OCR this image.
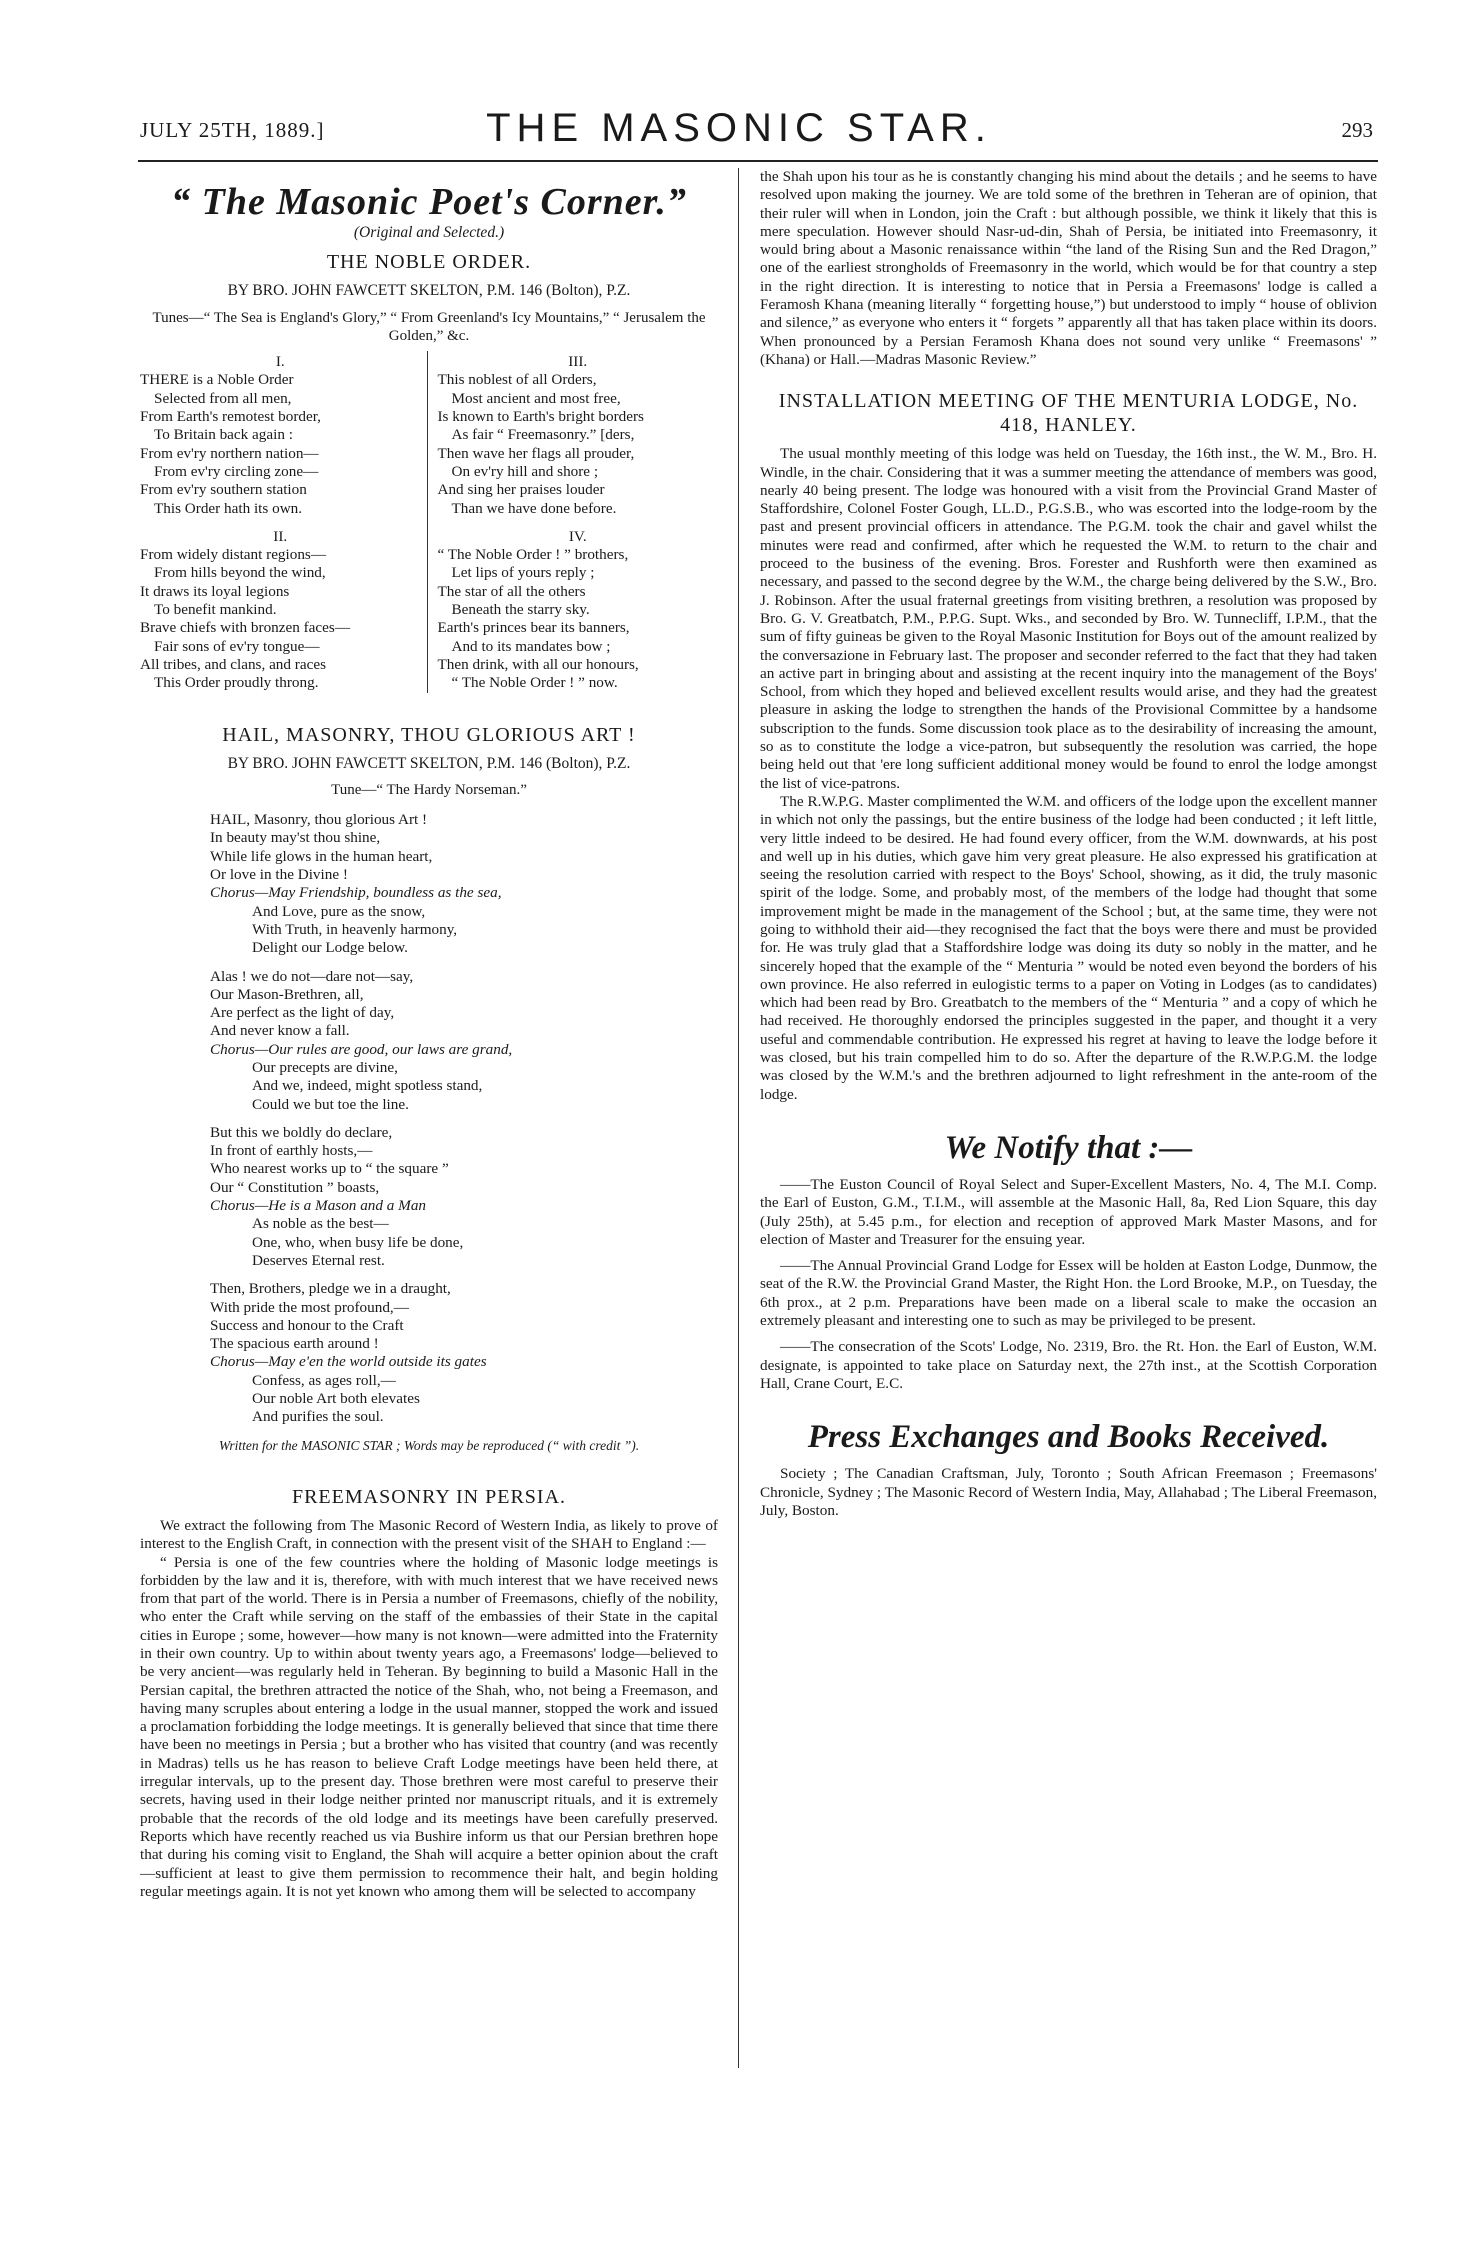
JULY 25TH, 1889.]	THE MASONIC STAR.	293

“ The Masonic Poet's Corner.”

(Original and Selected.)

THE NOBLE ORDER.

BY BRO. JOHN FAWCETT SKELTON, P.M. 146 (Bolton), P.Z.

Tunes—“ The Sea is England's Glory,” “ From Greenland's Icy Mountains,” “ Jerusalem the Golden,” &c.

I.

THERE is a Noble Order
Selected from all men,
From Earth's remotest border,
To Britain back again :
From ev'ry northern nation—
From ev'ry circling zone—
From ev'ry southern station
This Order hath its own.

II.

From widely distant regions—
From hills beyond the wind,
It draws its loyal legions
To benefit mankind.
Brave chiefs with bronzen faces—
Fair sons of ev'ry tongue—
All tribes, and clans, and races
This Order proudly throng.

III.

This noblest of all Orders,
Most ancient and most free,
Is known to Earth's bright borders
As fair “ Freemasonry.” [ders,
Then wave her flags all prouder,
On ev'ry hill and shore ;
And sing her praises louder
Than we have done before.

IV.

“ The Noble Order ! ” brothers,
Let lips of yours reply ;
The star of all the others
Beneath the starry sky.
Earth's princes bear its banners,
And to its mandates bow ;
Then drink, with all our honours,
“ The Noble Order ! ” now.

HAIL, MASONRY, THOU GLORIOUS ART !

BY BRO. JOHN FAWCETT SKELTON, P.M. 146 (Bolton), P.Z.

Tune—“ The Hardy Norseman.”

HAIL, Masonry, thou glorious Art !
In beauty may'st thou shine,
While life glows in the human heart,
Or love in the Divine !
Chorus—May Friendship, boundless as the sea,
And Love, pure as the snow,
With Truth, in heavenly harmony,
Delight our Lodge below.
Alas ! we do not—dare not—say,
Our Mason-Brethren, all,
Are perfect as the light of day,
And never know a fall.
Chorus—Our rules are good, our laws are grand,
Our precepts are divine,
And we, indeed, might spotless stand,
Could we but toe the line.
But this we boldly do declare,
In front of earthly hosts,—
Who nearest works up to “ the square ”
Our “ Constitution ” boasts,
Chorus—He is a Mason and a Man
As noble as the best—
One, who, when busy life be done,
Deserves Eternal rest.
Then, Brothers, pledge we in a draught,
With pride the most profound,—
Success and honour to the Craft
The spacious earth around !
Chorus—May e'en the world outside its gates
Confess, as ages roll,—
Our noble Art both elevates
And purifies the soul.

Written for the MASONIC STAR ; Words may be reproduced (“ with credit ”).

FREEMASONRY IN PERSIA.

We extract the following from The Masonic Record of Western India, as likely to prove of interest to the English Craft, in connection with the present visit of the SHAH to England :—

“ Persia is one of the few countries where the holding of Masonic lodge meetings is forbidden by the law and it is, therefore, with with much interest that we have received news from that part of the world. There is in Persia a number of Freemasons, chiefly of the nobility, who enter the Craft while serving on the staff of the embassies of their State in the capital cities in Europe ; some, however—how many is not known—were admitted into the Fraternity in their own country. Up to within about twenty years ago, a Freemasons' lodge—believed to be very ancient—was regularly held in Teheran. By beginning to build a Masonic Hall in the Persian capital, the brethren attracted the notice of the Shah, who, not being a Freemason, and having many scruples about entering a lodge in the usual manner, stopped the work and issued a proclamation forbidding the lodge meetings. It is generally believed that since that time there have been no meetings in Persia ; but a brother who has visited that country (and was recently in Madras) tells us he has reason to believe Craft Lodge meetings have been held there, at irregular intervals, up to the present day. Those brethren were most careful to preserve their secrets, having used in their lodge neither printed nor manuscript rituals, and it is extremely probable that the records of the old lodge and its meetings have been carefully preserved. Reports which have recently reached us via Bushire inform us that our Persian brethren hope that during his coming visit to England, the Shah will acquire a better opinion about the craft—sufficient at least to give them permission to recommence their halt, and begin holding regular meetings again. It is not yet known who among them will be selected to accompany

the Shah upon his tour as he is constantly changing his mind about the details ; and he seems to have resolved upon making the journey. We are told some of the brethren in Teheran are of opinion, that their ruler will when in London, join the Craft : but although possible, we think it likely that this is mere speculation. However should Nasr-ud-din, Shah of Persia, be initiated into Freemasonry, it would bring about a Masonic renaissance within “the land of the Rising Sun and the Red Dragon,” one of the earliest strongholds of Freemasonry in the world, which would be for that country a step in the right direction. It is interesting to notice that in Persia a Freemasons' lodge is called a Feramosh Khana (meaning literally “ forgetting house,”) but understood to imply “ house of oblivion and silence,” as everyone who enters it “ forgets ” apparently all that has taken place within its doors. When pronounced by a Persian Feramosh Khana does not sound very unlike “ Freemasons' ” (Khana) or Hall.—Madras Masonic Review.”

INSTALLATION MEETING OF THE MENTURIA LODGE, No. 418, HANLEY.

The usual monthly meeting of this lodge was held on Tuesday, the 16th inst., the W. M., Bro. H. Windle, in the chair. Considering that it was a summer meeting the attendance of members was good, nearly 40 being present. The lodge was honoured with a visit from the Provincial Grand Master of Staffordshire, Colonel Foster Gough, LL.D., P.G.S.B., who was escorted into the lodge-room by the past and present provincial officers in attendance. The P.G.M. took the chair and gavel whilst the minutes were read and confirmed, after which he requested the W.M. to return to the chair and proceed to the business of the evening. Bros. Forester and Rushforth were then examined as necessary, and passed to the second degree by the W.M., the charge being delivered by the S.W., Bro. J. Robinson. After the usual fraternal greetings from visiting brethren, a resolution was proposed by Bro. G. V. Greatbatch, P.M., P.P.G. Supt. Wks., and seconded by Bro. W. Tunnecliff, I.P.M., that the sum of fifty guineas be given to the Royal Masonic Institution for Boys out of the amount realized by the conversazione in February last. The proposer and seconder referred to the fact that they had taken an active part in bringing about and assisting at the recent inquiry into the management of the Boys' School, from which they hoped and believed excellent results would arise, and they had the greatest pleasure in asking the lodge to strengthen the hands of the Provisional Committee by a handsome subscription to the funds. Some discussion took place as to the desirability of increasing the amount, so as to constitute the lodge a vice-patron, but subsequently the resolution was carried, the hope being held out that 'ere long sufficient additional money would be found to enrol the lodge amongst the list of vice-patrons.

The R.W.P.G. Master complimented the W.M. and officers of the lodge upon the excellent manner in which not only the passings, but the entire business of the lodge had been conducted ; it left little, very little indeed to be desired. He had found every officer, from the W.M. downwards, at his post and well up in his duties, which gave him very great pleasure. He also expressed his gratification at seeing the resolution carried with respect to the Boys' School, showing, as it did, the truly masonic spirit of the lodge. Some, and probably most, of the members of the lodge had thought that some improvement might be made in the management of the School ; but, at the same time, they were not going to withhold their aid—they recognised the fact that the boys were there and must be provided for. He was truly glad that a Staffordshire lodge was doing its duty so nobly in the matter, and he sincerely hoped that the example of the “ Menturia ” would be noted even beyond the borders of his own province. He also referred in eulogistic terms to a paper on Voting in Lodges (as to candidates) which had been read by Bro. Greatbatch to the members of the “ Menturia ” and a copy of which he had received. He thoroughly endorsed the principles suggested in the paper, and thought it a very useful and commendable contribution. He expressed his regret at having to leave the lodge before it was closed, but his train compelled him to do so. After the departure of the R.W.P.G.M. the lodge was closed by the W.M.'s and the brethren adjourned to light refreshment in the ante-room of the lodge.

We Notify that :—

——The Euston Council of Royal Select and Super-Excellent Masters, No. 4, The M.I. Comp. the Earl of Euston, G.M., T.I.M., will assemble at the Masonic Hall, 8a, Red Lion Square, this day (July 25th), at 5.45 p.m., for election and reception of approved Mark Master Masons, and for election of Master and Treasurer for the ensuing year.

——The Annual Provincial Grand Lodge for Essex will be holden at Easton Lodge, Dunmow, the seat of the R.W. the Provincial Grand Master, the Right Hon. the Lord Brooke, M.P., on Tuesday, the 6th prox., at 2 p.m. Preparations have been made on a liberal scale to make the occasion an extremely pleasant and interesting one to such as may be privileged to be present.

——The consecration of the Scots' Lodge, No. 2319, Bro. the Rt. Hon. the Earl of Euston, W.M. designate, is appointed to take place on Saturday next, the 27th inst., at the Scottish Corporation Hall, Crane Court, E.C.

Press Exchanges and Books Received.

Society ; The Canadian Craftsman, July, Toronto ; South African Freemason ; Freemasons' Chronicle, Sydney ; The Masonic Record of Western India, May, Allahabad ; The Liberal Freemason, July, Boston.
